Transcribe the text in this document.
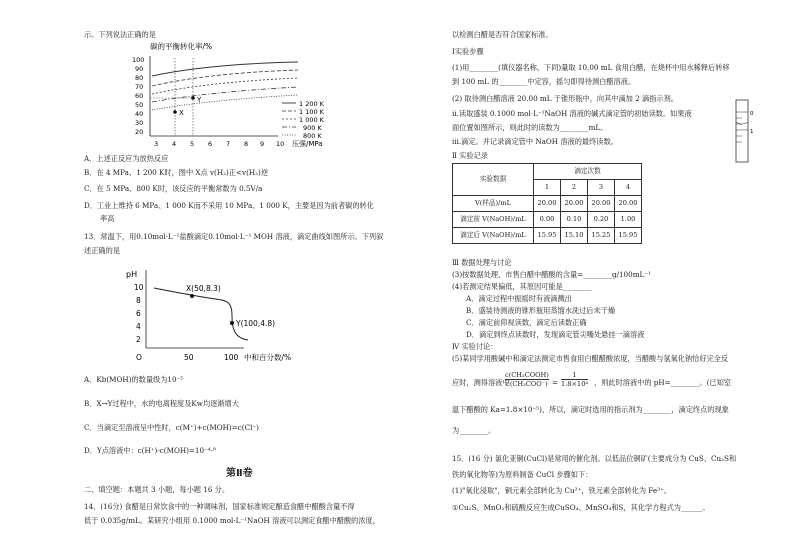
示。下列说法正确的是
碳的平衡转化率/%
100
90
80
70
60
50
40
30
20
3 4 5 6 7 8 9 10 压强/MPa
X
Y	1 200 K
1 100 K
1 000 K
900 K
800 K
A．上述正反应为放热反应
B．在 4 MPa、1 200 K时，图中 X点 v(H₂)正<v(H₂)逆
C．在 5 MPa、800 K时，该反应的平衡常数为 0.5V/a
D．工业上维持 6 MPa、1 000 K而不采用 10 MPa、1 000 K，主要是因为前者碳的转化
率高
13．常温下，用0.10mol·L⁻¹盐酸滴定0.10mol·L⁻¹ MOH 溶液，滴定曲线如图所示。下列叙
述正确的是
pH
10
8
6
4
2
O	50	100 中和百分数/%
X(50,8.3)
Y(100,4.8)
A．Kb(MOH)的数量级为10⁻⁵
B．X→Y过程中，水的电离程度及Kw均逐渐增大
C．当滴定至溶液呈中性时，c(M⁺)+c(MOH)=c(Cl⁻)
D．Y点溶液中：c(H⁺)-c(MOH)=10⁻⁴·⁸
第Ⅱ卷
二、填空题：本题共 3 小题，每小题 16 分。
14．(16分) 食醋是日常饮食中的一种调味剂，国家标准规定酿造食醋中醋酸含量不得
低于 0.035g/mL。某研究小组用 0.1000 mol·L⁻¹NaOH 溶液可以测定食醋中醋酸的浓度，
以检测白醋是否符合国家标准。
Ⅰ实验步骤
(1)用________(填仪器名称，下同)量取 10.00 mL 食用白醋，在烧杯中用水稀释后转移
到 100 mL 的________中定容，摇匀即得待测白醋溶液。
(2) 取待测白醋溶液 20.00 mL 于锥形瓶中，向其中滴加 2 滴指示剂。
ⅱ.读取盛装 0.1000 mol·L⁻¹NaOH 溶液的碱式滴定管的初始读数。如果液
面位置如图所示，则此时的读数为________mL。
ⅲ.滴定。并记录滴定管中 NaOH 溶液的最终读数。
Ⅱ 实验记录
0
1
实验数据	滴定次数			
	1	2	3	4
V(样品)/mL	20.00	20.00	20.00	20.00
滴定前 V(NaOH)/mL	0.00	0.10	0.20	1.00
滴定后 V(NaOH)/mL	15.95	15.10	15.25	15.95
Ⅲ 数据处理与讨论
(3)按数据处理，市售白醋中醋酸的含量=________g/100mL⁻¹
(4)若测定结果偏低，其原因可能是________
A．滴定过程中振摇时有液滴溅出
B．盛装待测液的锥形瓶用蒸馏水洗过后未干燥
C．滴定前仰视读数，滴定后读数正确
D．滴定到终点读数时，发现滴定管尖嘴处悬挂一滴溶液
Ⅳ 实验讨论：
(5)某同学用酸碱中和滴定法测定市售食用白醋醋酸浓度，当醋酸与氢氧化钠恰好完全反
应时，测得溶液中
c(CH₃COOH)
c(CH₃COO⁻) =
1
1.8×10⁴ ，则此时溶液中的 pH=________。(已知室
温下醋酸的 Ka=1.8×10⁻⁵)，所以，滴定时选用的指示剂为________，滴定终点的现象
为________。
15．(16 分) 氯化亚铜(CuCl)是常用的催化剂。以低品位铜矿(主要成分为 CuS、Cu₂S和
铁的氧化物等)为原料制备 CuCl 步骤如下：
(1)"氧化浸取"，铜元素全部转化为 Cu²⁺，铁元素全部转化为 Fe³⁺。
①Cu₂S、MnO₂和硫酸反应生成CuSO₄、MnSO₄和S，其化学方程式为______。
